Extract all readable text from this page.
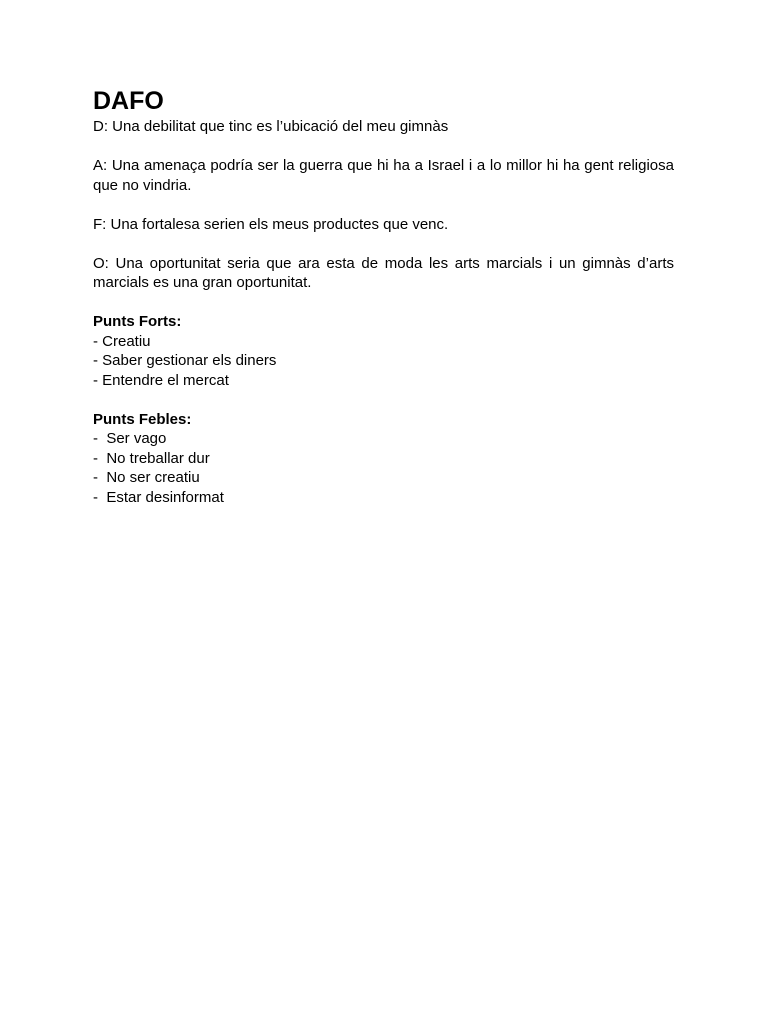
DAFO

D: Una debilitat que tinc es l’ubicació del meu gimnàs

A: Una amenaça podría ser la guerra que hi ha a Israel i a lo millor hi ha gent religiosa que no vindria.

F: Una fortalesa serien els meus productes que venc.

O: Una oportunitat seria que ara esta de moda les arts marcials i un gimnàs d’arts marcials es una gran oportunitat.

Punts Forts:

- Creatiu
- Saber gestionar els diners
- Entendre el mercat

Punts Febles:

-  Ser vago
-  No treballar dur
-  No ser creatiu
-  Estar desinformat
